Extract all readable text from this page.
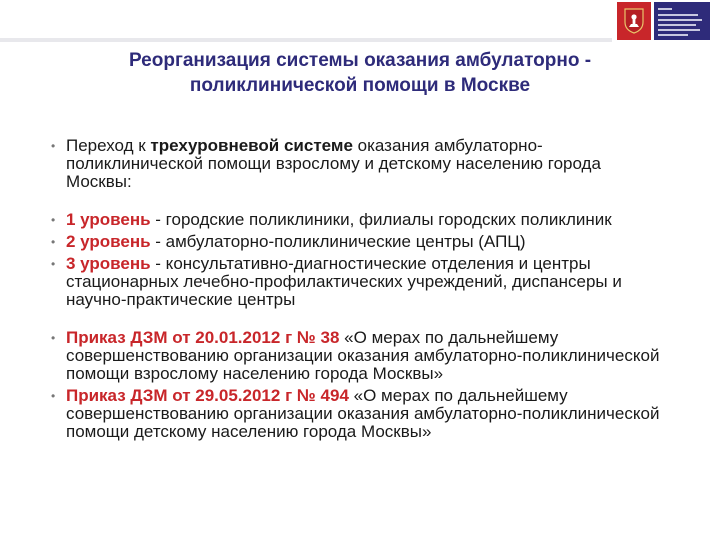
Реорганизация системы оказания амбулаторно -
поликлинической помощи в Москве
• Переход к трехуровневой системе оказания амбулаторно-поликлинической помощи взрослому и детскому населению города Москвы:
• 1 уровень - городские поликлиники, филиалы городских поликлиник
• 2 уровень - амбулаторно-поликлинические центры (АПЦ)
• 3 уровень - консультативно-диагностические отделения и центры стационарных лечебно-профилактических учреждений, диспансеры и научно-практические центры
• Приказ ДЗМ от 20.01.2012 г № 38 «О мерах по дальнейшему совершенствованию организации оказания амбулаторно-поликлинической помощи взрослому населению города Москвы»
• Приказ ДЗМ от 29.05.2012 г № 494 «О мерах по дальнейшему совершенствованию организации оказания амбулаторно-поликлинической помощи детскому населению города Москвы»
